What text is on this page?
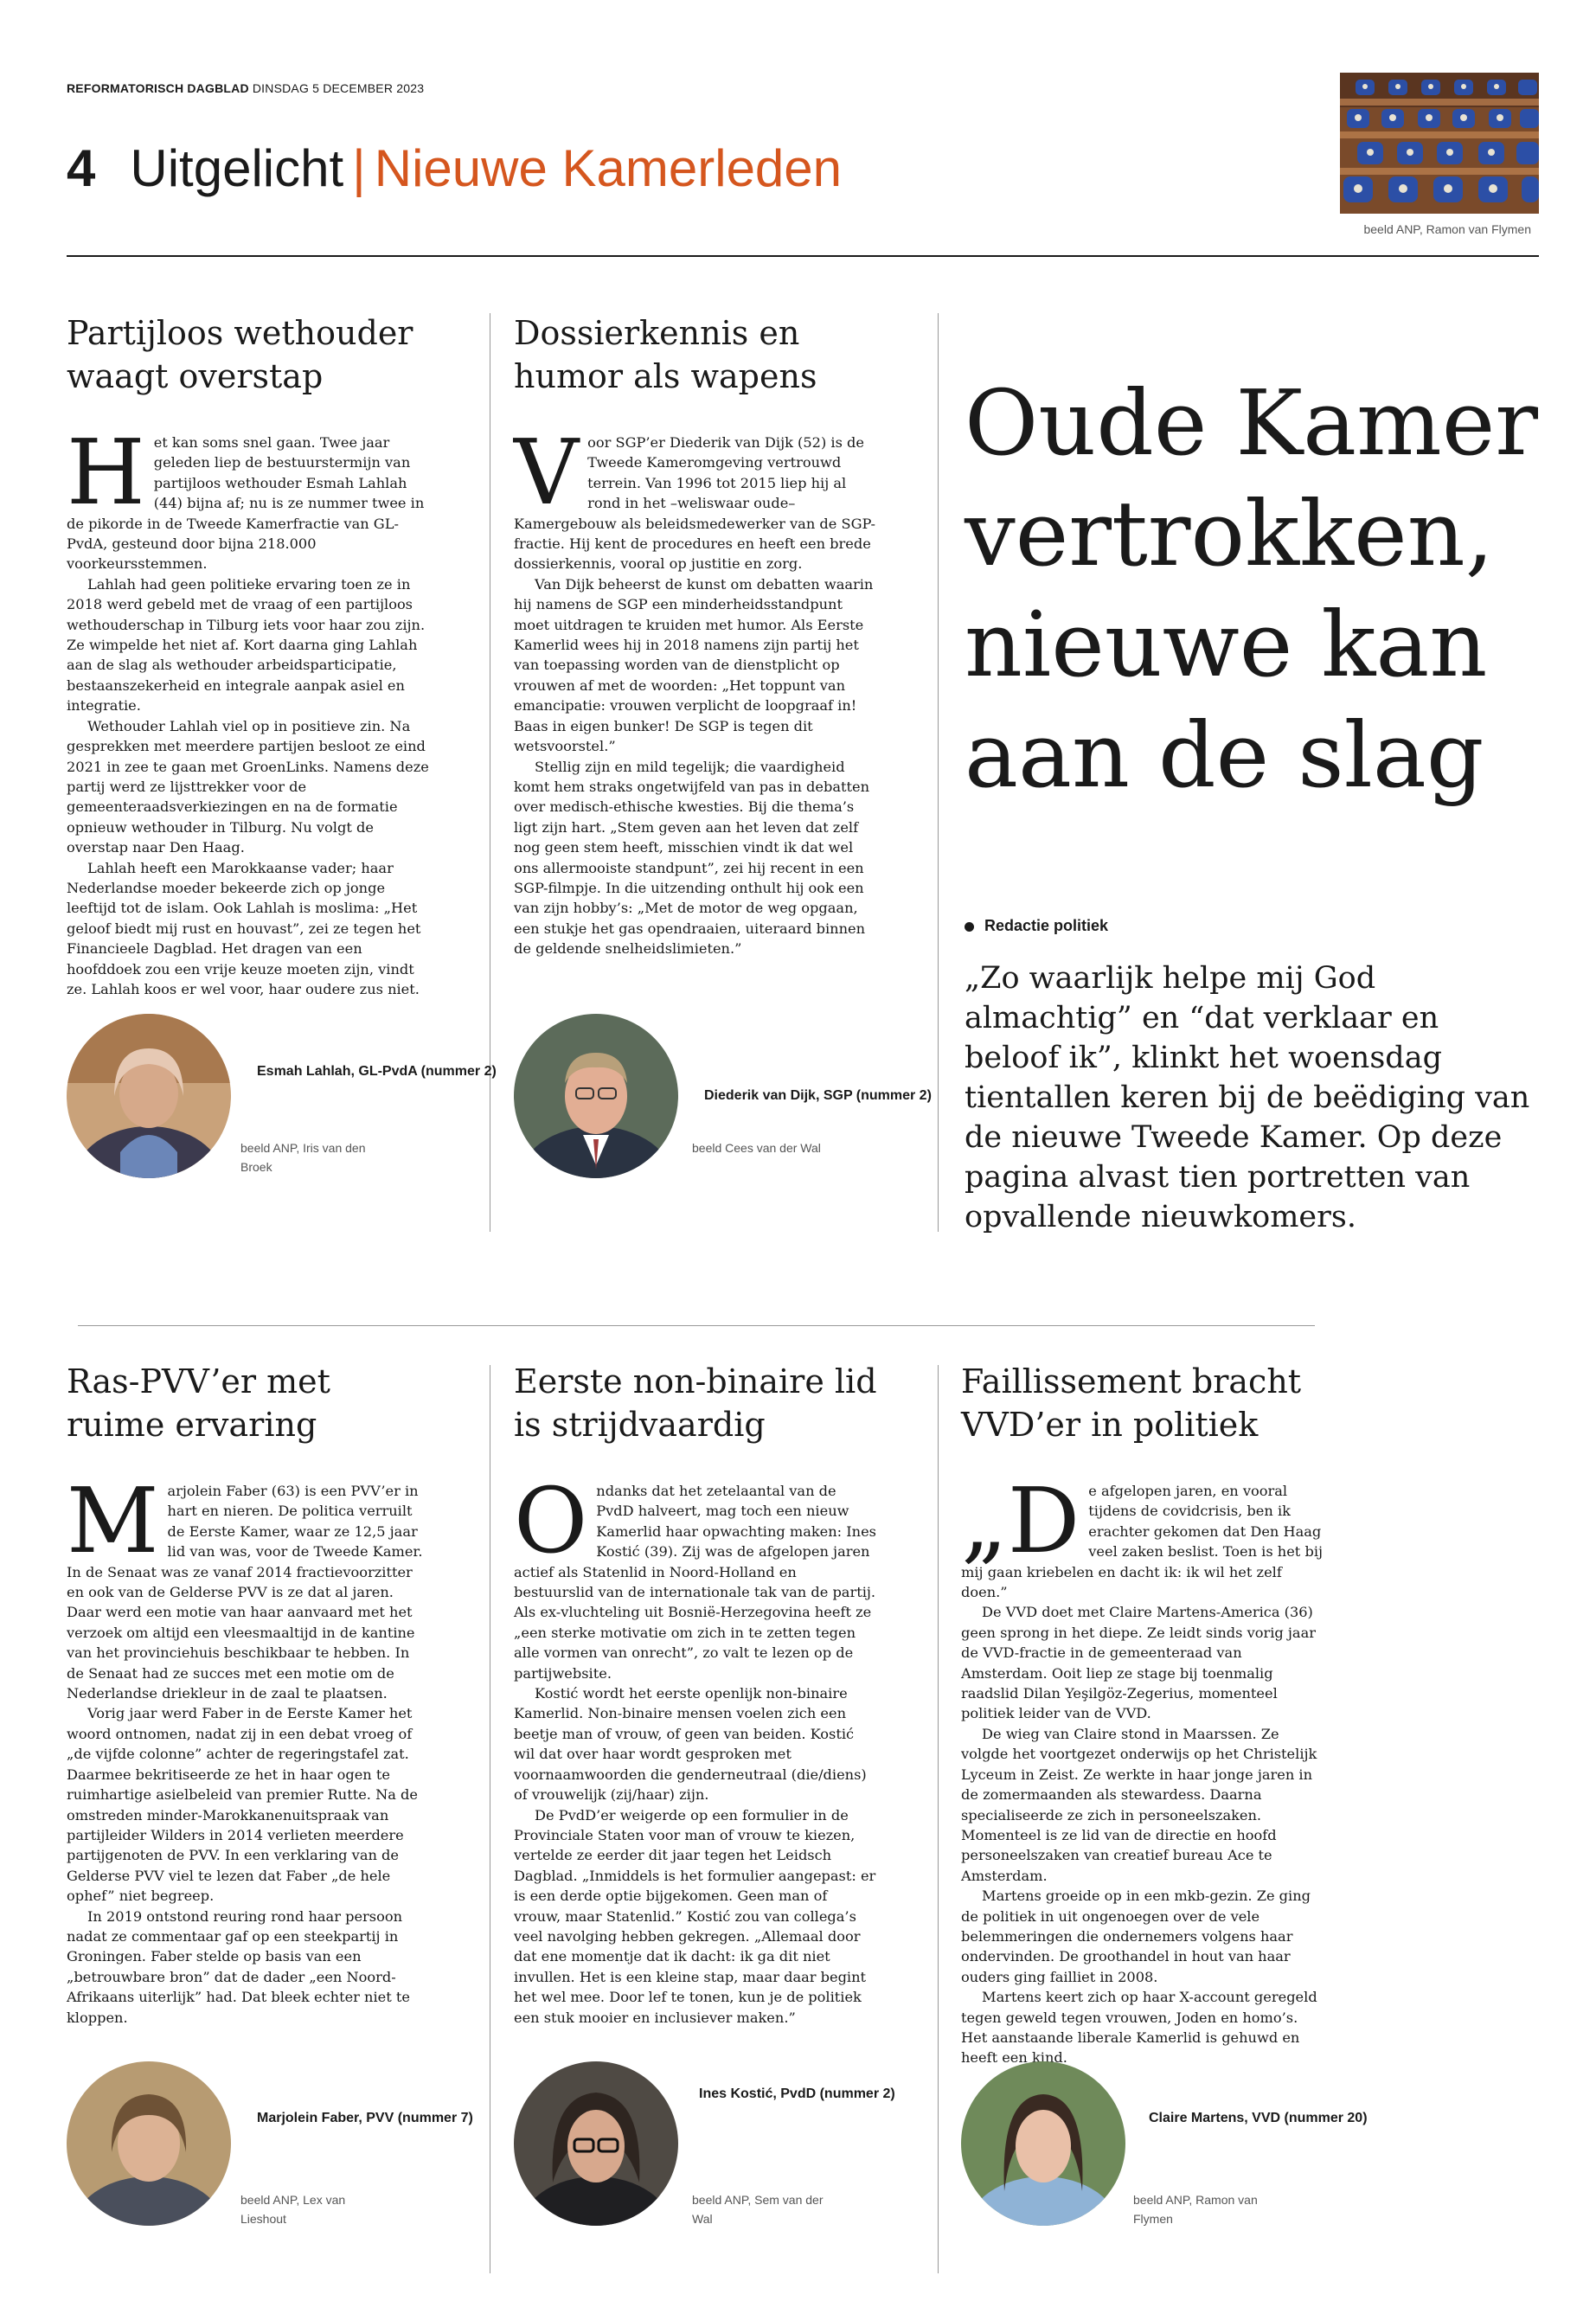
REFORMATORISCH DAGBLAD DINSDAG 5 DECEMBER 2023
4 Uitgelicht | Nieuwe Kamerleden
beeld ANP, Ramon van Flymen
Partijloos wethouder waagt overstap

Het kan soms snel gaan. Twee jaar geleden liep de bestuurstermijn van partijloos wethouder Esmah Lahlah (44) bijna af; nu is ze nummer twee in de pikorde in de Tweede Kamerfractie van GL-PvdA, gesteund door bijna 218.000 voorkeursstemmen.

Lahlah had geen politieke ervaring toen ze in 2018 werd gebeld met de vraag of een partijloos wethouderschap in Tilburg iets voor haar zou zijn. Ze wimpelde het niet af. Kort daarna ging Lahlah aan de slag als wethouder arbeidsparticipatie, bestaanszekerheid en integrale aanpak asiel en integratie.

Wethouder Lahlah viel op in positieve zin. Na gesprekken met meerdere partijen besloot ze eind 2021 in zee te gaan met GroenLinks. Namens deze partij werd ze lijsttrekker voor de gemeenteraadsverkiezingen en na de formatie opnieuw wethouder in Tilburg. Nu volgt de overstap naar Den Haag.

Lahlah heeft een Marokkaanse vader; haar Nederlandse moeder bekeerde zich op jonge leeftijd tot de islam. Ook Lahlah is moslima: „Het geloof biedt mij rust en houvast”, zei ze tegen het Financieele Dagblad. Het dragen van een hoofddoek zou een vrije keuze moeten zijn, vindt ze. Lahlah koos er wel voor, haar oudere zus niet.

Esmah Lahlah, GL-PvdA (nummer 2)
beeld ANP, Iris van den Broek
Dossierkennis en humor als wapens

Voor SGP’er Diederik van Dijk (52) is de Tweede Kameromgeving vertrouwd terrein. Van 1996 tot 2015 liep hij al rond in het –weliswaar oude– Kamergebouw als beleidsmedewerker van de SGP-fractie. Hij kent de procedures en heeft een brede dossierkennis, vooral op justitie en zorg.

Van Dijk beheerst de kunst om debatten waarin hij namens de SGP een minderheidsstandpunt moet uitdragen te kruiden met humor. Als Eerste Kamerlid wees hij in 2018 namens zijn partij het van toepassing worden van de dienstplicht op vrouwen af met de woorden: „Het toppunt van emancipatie: vrouwen verplicht de loopgraaf in! Baas in eigen bunker! De SGP is tegen dit wetsvoorstel.”

Stellig zijn en mild tegelijk; die vaardigheid komt hem straks ongetwijfeld van pas in debatten over medisch-ethische kwesties. Bij die thema’s ligt zijn hart. „Stem geven aan het leven dat zelf nog geen stem heeft, misschien vindt ik dat wel ons allermooiste standpunt”, zei hij recent in een SGP-filmpje. In die uitzending onthult hij ook een van zijn hobby’s: „Met de motor de weg opgaan, een stukje het gas opendraaien, uiteraard binnen de geldende snelheidslimieten.”

Diederik van Dijk, SGP (nummer 2)
beeld Cees van der Wal
Oude Kamer vertrokken, nieuwe kan aan de slag
Redactie politiek
„Zo waarlijk helpe mij God almachtig” en “dat verklaar en beloof ik”, klinkt het woensdag tientallen keren bij de beëdiging van de nieuwe Tweede Kamer. Op deze pagina alvast tien portretten van opvallende nieuwkomers.
Ras-PVV’er met ruime ervaring

Marjolein Faber (63) is een PVV’er in hart en nieren. De politica verruilt de Eerste Kamer, waar ze 12,5 jaar lid van was, voor de Tweede Kamer. In de Senaat was ze vanaf 2014 fractievoorzitter en ook van de Gelderse PVV is ze dat al jaren. Daar werd een motie van haar aanvaard met het verzoek om altijd een vleesmaaltijd in de kantine van het provinciehuis beschikbaar te hebben. In de Senaat had ze succes met een motie om de Nederlandse driekleur in de zaal te plaatsen.

Vorig jaar werd Faber in de Eerste Kamer het woord ontnomen, nadat zij in een debat vroeg of „de vijfde colonne” achter de regeringstafel zat. Daarmee bekritiseerde ze het in haar ogen te ruimhartige asielbeleid van premier Rutte. Na de omstreden minder-Marokkanenuitspraak van partijleider Wilders in 2014 verlieten meerdere partijgenoten de PVV. In een verklaring van de Gelderse PVV viel te lezen dat Faber „de hele ophef” niet begreep.

In 2019 ontstond reuring rond haar persoon nadat ze commentaar gaf op een steekpartij in Groningen. Faber stelde op basis van een „betrouwbare bron” dat de dader „een Noord-Afrikaans uiterlijk” had. Dat bleek echter niet te kloppen.

Marjolein Faber, PVV (nummer 7)
beeld ANP, Lex van Lieshout
Eerste non-binaire lid is strijdvaardig

Ondanks dat het zetelaantal van de PvdD halveert, mag toch een nieuw Kamerlid haar opwachting maken: Ines Kostić (39). Zij was de afgelopen jaren actief als Statenlid in Noord-Holland en bestuurslid van de internationale tak van de partij. Als ex-vluchteling uit Bosnië-Herzegovina heeft ze „een sterke motivatie om zich in te zetten tegen alle vormen van onrecht”, zo valt te lezen op de partijwebsite.

Kostić wordt het eerste openlijk non-binaire Kamerlid. Non-binaire mensen voelen zich een beetje man of vrouw, of geen van beiden. Kostić wil dat over haar wordt gesproken met voornaamwoorden die genderneutraal (die/diens) of vrouwelijk (zij/haar) zijn.

De PvdD’er weigerde op een formulier in de Provinciale Staten voor man of vrouw te kiezen, vertelde ze eerder dit jaar tegen het Leidsch Dagblad. „Inmiddels is het formulier aangepast: er is een derde optie bijgekomen. Geen man of vrouw, maar Statenlid.” Kostić zou van collega’s veel navolging hebben gekregen. „Allemaal door dat ene momentje dat ik dacht: ik ga dit niet invullen. Het is een kleine stap, maar daar begint het wel mee. Door lef te tonen, kun je de politiek een stuk mooier en inclusiever maken.”

Ines Kostić, PvdD (nummer 2)
beeld ANP, Sem van der Wal
Faillissement bracht VVD’er in politiek

„De afgelopen jaren, en vooral tijdens de covidcrisis, ben ik erachter gekomen dat Den Haag veel zaken beslist. Toen is het bij mij gaan kriebelen en dacht ik: ik wil het zelf doen.”

De VVD doet met Claire Martens-America (36) geen sprong in het diepe. Ze leidt sinds vorig jaar de VVD-fractie in de gemeenteraad van Amsterdam. Ooit liep ze stage bij toenmalig raadslid Dilan Yeşilgöz-Zegerius, momenteel politiek leider van de VVD.

De wieg van Claire stond in Maarssen. Ze volgde het voortgezet onderwijs op het Christelijk Lyceum in Zeist. Ze werkte in haar jonge jaren in de zomermaanden als stewardess. Daarna specialiseerde ze zich in personeelszaken. Momenteel is ze lid van de directie en hoofd personeelszaken van creatief bureau Ace te Amsterdam.

Martens groeide op in een mkb-gezin. Ze ging de politiek in uit ongenoegen over de vele belemmeringen die ondernemers volgens haar ondervinden. De groothandel in hout van haar ouders ging failliet in 2008.

Martens keert zich op haar X-account geregeld tegen geweld tegen vrouwen, Joden en homo’s. Het aanstaande liberale Kamerlid is gehuwd en heeft een kind.

Claire Martens, VVD (nummer 20)
beeld ANP, Ramon van Flymen
